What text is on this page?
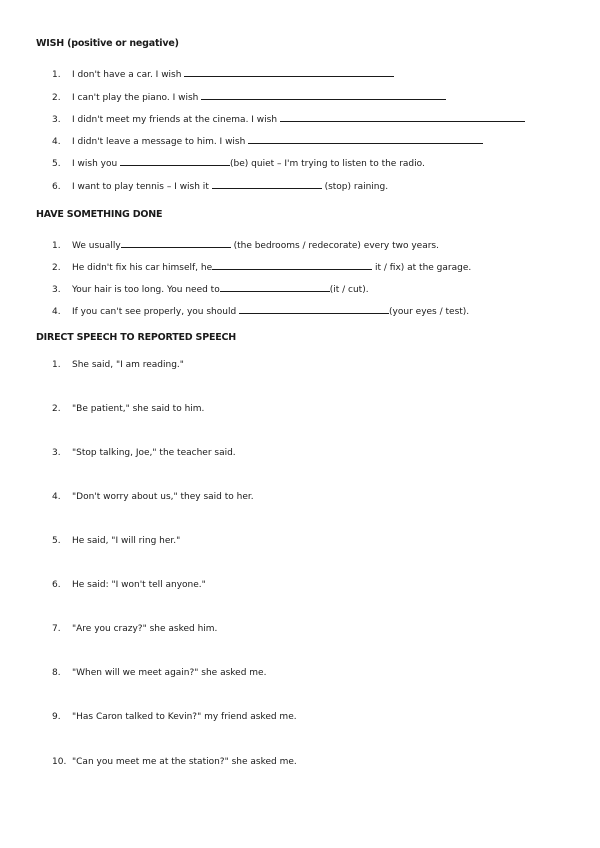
WISH (positive or negative)
1. I don't have a car. I wish
2. I can't play the piano. I wish
3. I didn't meet my friends at the cinema. I wish
4. I didn't leave a message to him. I wish
5. I wish you	(be) quiet – I'm trying to listen to the radio.
6. I want to play tennis – I wish it	(stop) raining.
HAVE SOMETHING DONE
1. We usually	(the bedrooms / redecorate) every two years.
2. He didn't fix his car himself, he	it / fix) at the garage.
3. Your hair is too long. You need to	(it / cut).
4. If you can't see properly, you should	(your eyes / test).
DIRECT SPEECH TO REPORTED SPEECH
1. She said, "I am reading."
2. "Be patient," she said to him.
3. "Stop talking, Joe," the teacher said.
4. "Don't worry about us," they said to her.
5. He said, "I will ring her."
6. He said: "I won't tell anyone."
7. "Are you crazy?" she asked him.
8. "When will we meet again?" she asked me.
9. "Has Caron talked to Kevin?" my friend asked me.
10. "Can you meet me at the station?" she asked me.
